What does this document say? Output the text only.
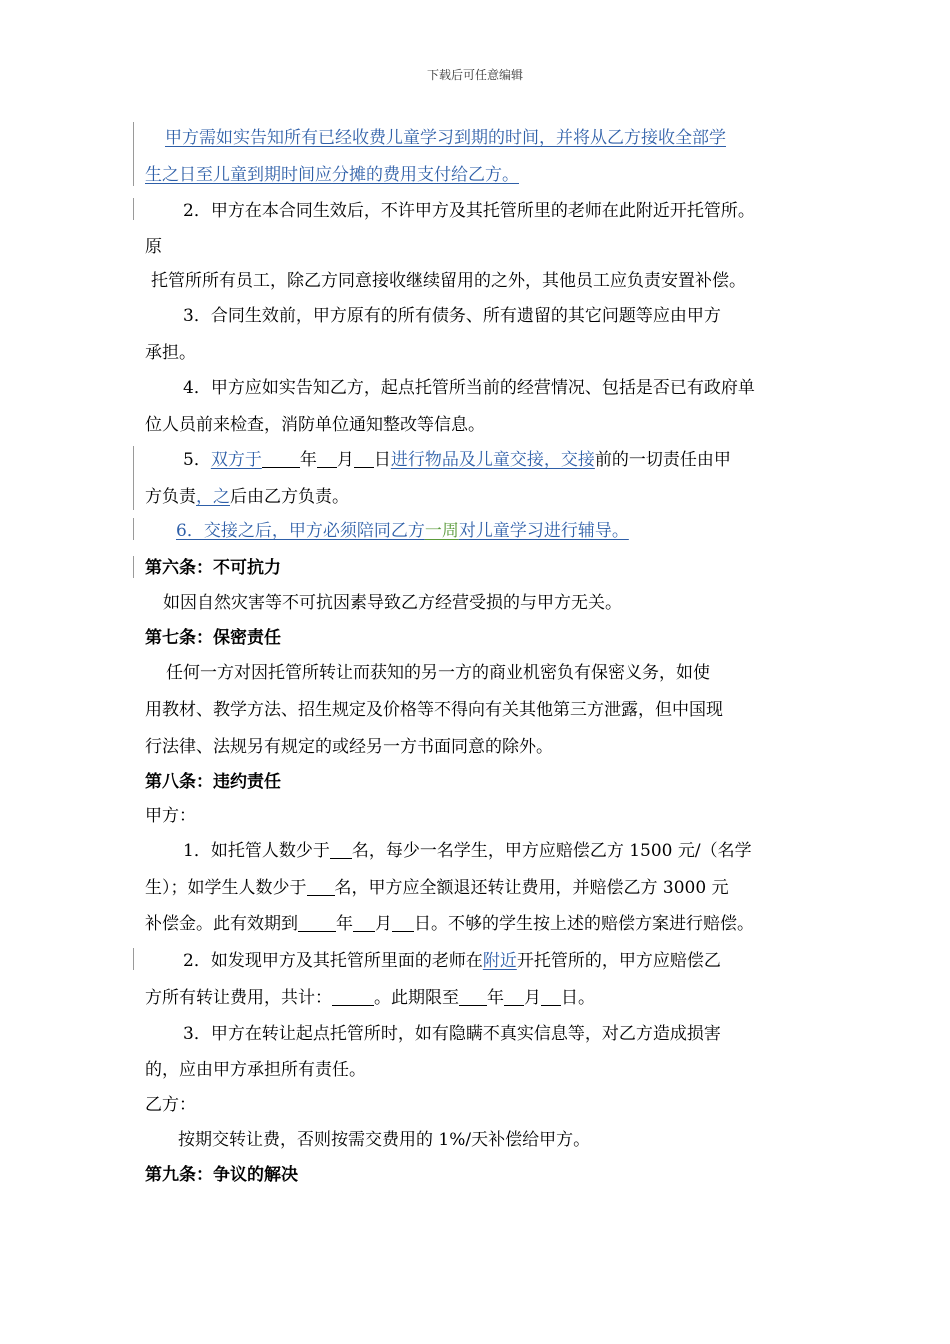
下载后可任意编辑
甲方需如实告知所有已经收费儿童学习到期的时间，并将从乙方接收全部学
生之日至儿童到期时间应分摊的费用支付给乙方。
2．甲方在本合同生效后，不许甲方及其托管所里的老师在此附近开托管所。
原
托管所所有员工，除乙方同意接收继续留用的之外，其他员工应负责安置补偿。
3．合同生效前，甲方原有的所有债务、所有遗留的其它问题等应由甲方
承担。
4．甲方应如实告知乙方，起点托管所当前的经营情况、包括是否已有政府单
位人员前来检查，消防单位通知整改等信息。
5．双方于 年 月 日进行物品及儿童交接，交接前的一切责任由甲
方负责，之后由乙方负责。
6．交接之后，甲方必须陪同乙方一周对儿童学习进行辅导。
第六条：不可抗力
如因自然灾害等不可抗因素导致乙方经营受损的与甲方无关。
第七条：保密责任
任何一方对因托管所转让而获知的另一方的商业机密负有保密义务，如使
用教材、教学方法、招生规定及价格等不得向有关其他第三方泄露，但中国现
行法律、法规另有规定的或经另一方书面同意的除外。
第八条：违约责任
甲方：
1．如托管人数少于 名，每少一名学生，甲方应赔偿乙方 1500 元/（名学
生）；如学生人数少于 名，甲方应全额退还转让费用，并赔偿乙方 3000 元
补偿金。此有效期到 年 月 日。不够的学生按上述的赔偿方案进行赔偿。
2．如发现甲方及其托管所里面的老师在附近开托管所的，甲方应赔偿乙
方所有转让费用，共计： 。此期限至 年 月 日。
3．甲方在转让起点托管所时，如有隐瞒不真实信息等，对乙方造成损害
的，应由甲方承担所有责任。
乙方：
按期交转让费，否则按需交费用的 1%/天补偿给甲方。
第九条：争议的解决
